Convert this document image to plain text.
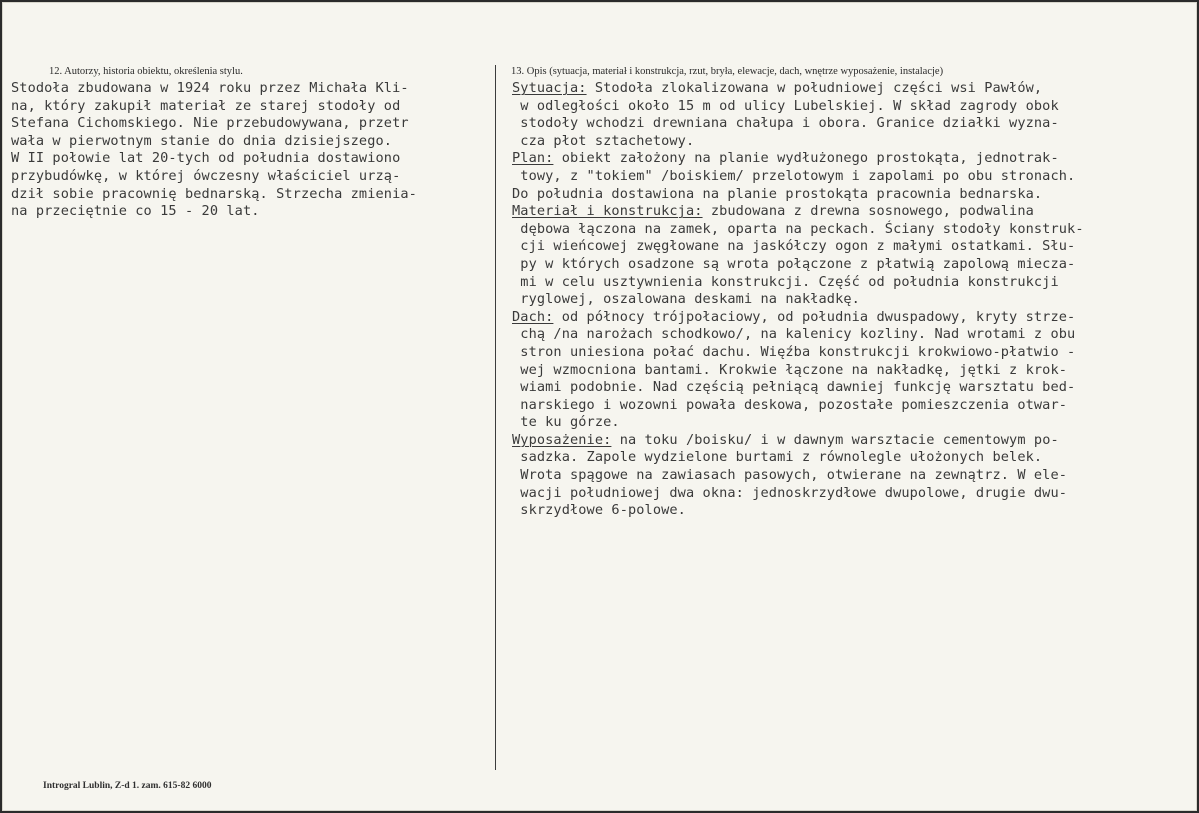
12. Autorzy, historia obiektu, określenia stylu.	13. Opis (sytuacja, materiał i konstrukcja, rzut, bryła, elewacje, dach, wnętrze wyposażenie, instalacje)
Stodoła zbudowana w 1924 roku przez Michała Kli-
na, który zakupił materiał ze starej stodoły od
Stefana Cichomskiego. Nie przebudowywana, przetr
wała w pierwotnym stanie do dnia dzisiejszego.
W II połowie lat 20-tych od południa dostawiono
przybudówkę, w której ówczesny właściciel urzą-
dził sobie pracownię bednarską. Strzecha zmienia-
na przeciętnie co 15 - 20 lat.
Sytuacja: Stodoła zlokalizowana w południowej części wsi Pawłów,
w odległości około 15 m od ulicy Lubelskiej. W skład zagrody obok
stodoły wchodzi drewniana chałupa i obora. Granice działki wyzna-
cza płot sztachetowy.
Plan: obiekt założony na planie wydłużonego prostokąta, jednotrak-
towy, z "tokiem" /boiskiem/ przelotowym i zapolami po obu stronach.
Do południa dostawiona na planie prostokąta pracownia bednarska.
Materiał i konstrukcja: zbudowana z drewna sosnowego, podwalina
dębowa łączona na zamek, oparta na peckach. Ściany stodoły konstruk-
cji wieńcowej zwęgłowane na jaskółczy ogon z małymi ostatkami. Słu-
py w których osadzone są wrota połączone z płatwią zapolową miecza-
mi w celu usztywnienia konstrukcji. Część od południa konstrukcji
ryglowej, oszalowana deskami na nakładkę.
Dach: od północy trójpołaciowy, od południa dwuspadowy, kryty strze-
chą /na narożach schodkowo/, na kalenicy kozliny. Nad wrotami z obu
stron uniesiona połać dachu. Więźba konstrukcji krokwiowo-płatwio -
wej wzmocniona bantami. Krokwie łączone na nakładkę, jętki z krok-
wiami podobnie. Nad częścią pełniącą dawniej funkcję warsztatu bed-
narskiego i wozowni powała deskowa, pozostałe pomieszczenia otwar-
te ku górze.
Wyposażenie: na toku /boisku/ i w dawnym warsztacie cementowym po-
sadzka. Zapole wydzielone burtami z równolegle ułożonych belek.
Wrota spągowe na zawiasach pasowych, otwierane na zewnątrz. W ele-
wacji południowej dwa okna: jednoskrzydłowe dwupolowe, drugie dwu-
skrzydłowe 6-polowe.
Introgral Lublin, Z-d 1. zam. 615-82 6000
